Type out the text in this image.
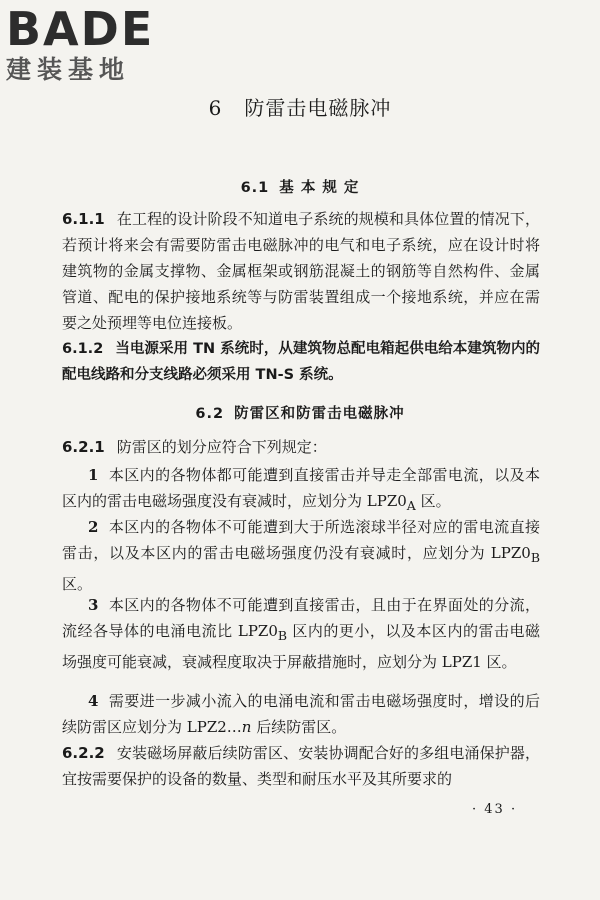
BADE
建装基地
6 防雷击电磁脉冲
6.1 基 本 规 定
6.1.1 在工程的设计阶段不知道电子系统的规模和具体位置的情况下，若预计将来会有需要防雷击电磁脉冲的电气和电子系统，应在设计时将建筑物的金属支撑物、金属框架或钢筋混凝土的钢筋等自然构件、金属管道、配电的保护接地系统等与防雷装置组成一个接地系统，并应在需要之处预埋等电位连接板。
6.1.2 当电源采用 TN 系统时，从建筑物总配电箱起供电给本建筑物内的配电线路和分支线路必须采用 TN-S 系统。
6.2 防雷区和防雷击电磁脉冲
6.2.1 防雷区的划分应符合下列规定：
1 本区内的各物体都可能遭到直接雷击并导走全部雷电流，以及本区内的雷击电磁场强度没有衰减时，应划分为 $LPZ0_A$ 区。
2 本区内的各物体不可能遭到大于所选滚球半径对应的雷电流直接雷击，以及本区内的雷击电磁场强度仍没有衰减时，应划分为 $LPZ0_B$ 区。
3 本区内的各物体不可能遭到直接雷击，且由于在界面处的分流，流经各导体的电涌电流比 $LPZ0_B$ 区内的更小，以及本区内的雷击电磁场强度可能衰减，衰减程度取决于屏蔽措施时，应划分为 LPZ1 区。
4 需要进一步减小流入的电涌电流和雷击电磁场强度时，增设的后续防雷区应划分为 LPZ2…n 后续防雷区。
6.2.2 安装磁场屏蔽后续防雷区、安装协调配合好的多组电涌保护器，宜按需要保护的设备的数量、类型和耐压水平及其所要求的
· 43 ·
